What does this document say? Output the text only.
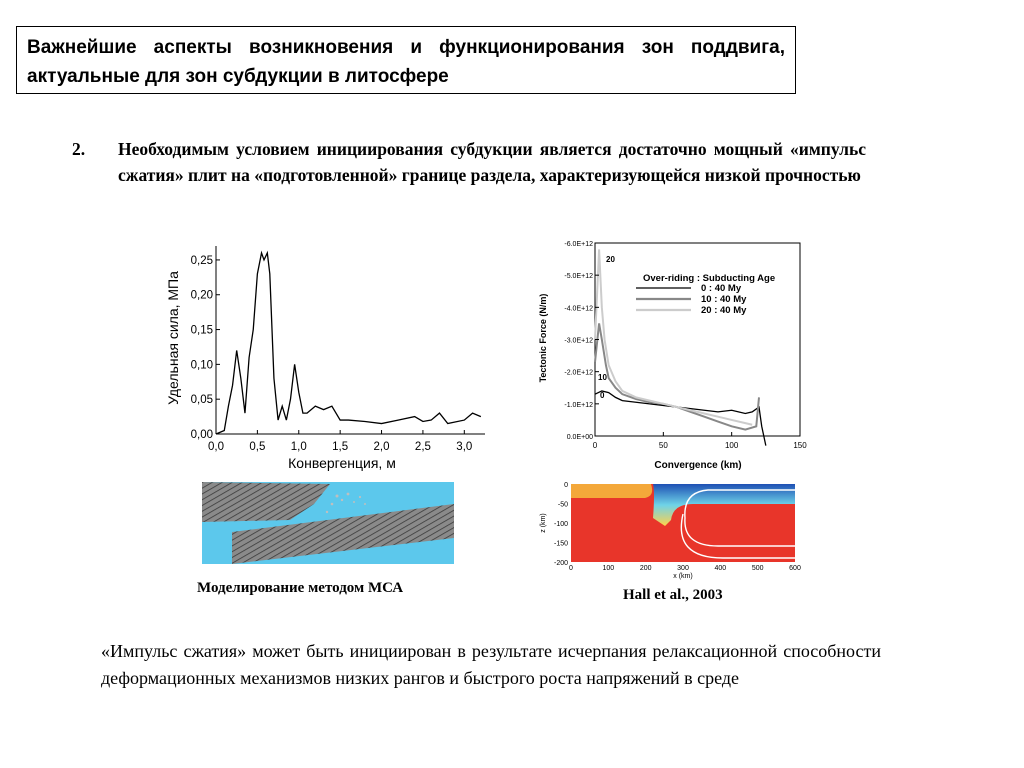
Важнейшие аспекты возникновения и функционирования зон поддвига, актуальные для зон субдукции в литосфере

2. Необходимым условием инициирования субдукции является достаточно мощный «импульс сжатия» плит на «подготовленной» границе раздела, характеризующейся низкой прочностью
0,0 0,5 1,0 1,5 2,0 2,5 3,0
0,00
0,05
0,10
0,15
0,20
0,25
Конвергенция, м
Удельная сила, МПа
0	50	100	150
0.0E+00
-1.0E+12
-2.0E+12
-3.0E+12
-4.0E+12
-5.0E+12
-6.0E+12
Over-riding : Subducting Age
0 : 40 My
10 : 40 My
20 : 40 My
20
10
0
Convergence (km)
Tectonic Force (N/m)
0	100	200	300	400	500	600
0
-50
-100
-150
-200
x (km)
z (km)
Моделирование методом МСА	Hall et al., 2003
«Импульс сжатия» может быть инициирован в результате исчерпания релаксационной способности деформационных механизмов низких рангов и быстрого роста напряжений в среде
